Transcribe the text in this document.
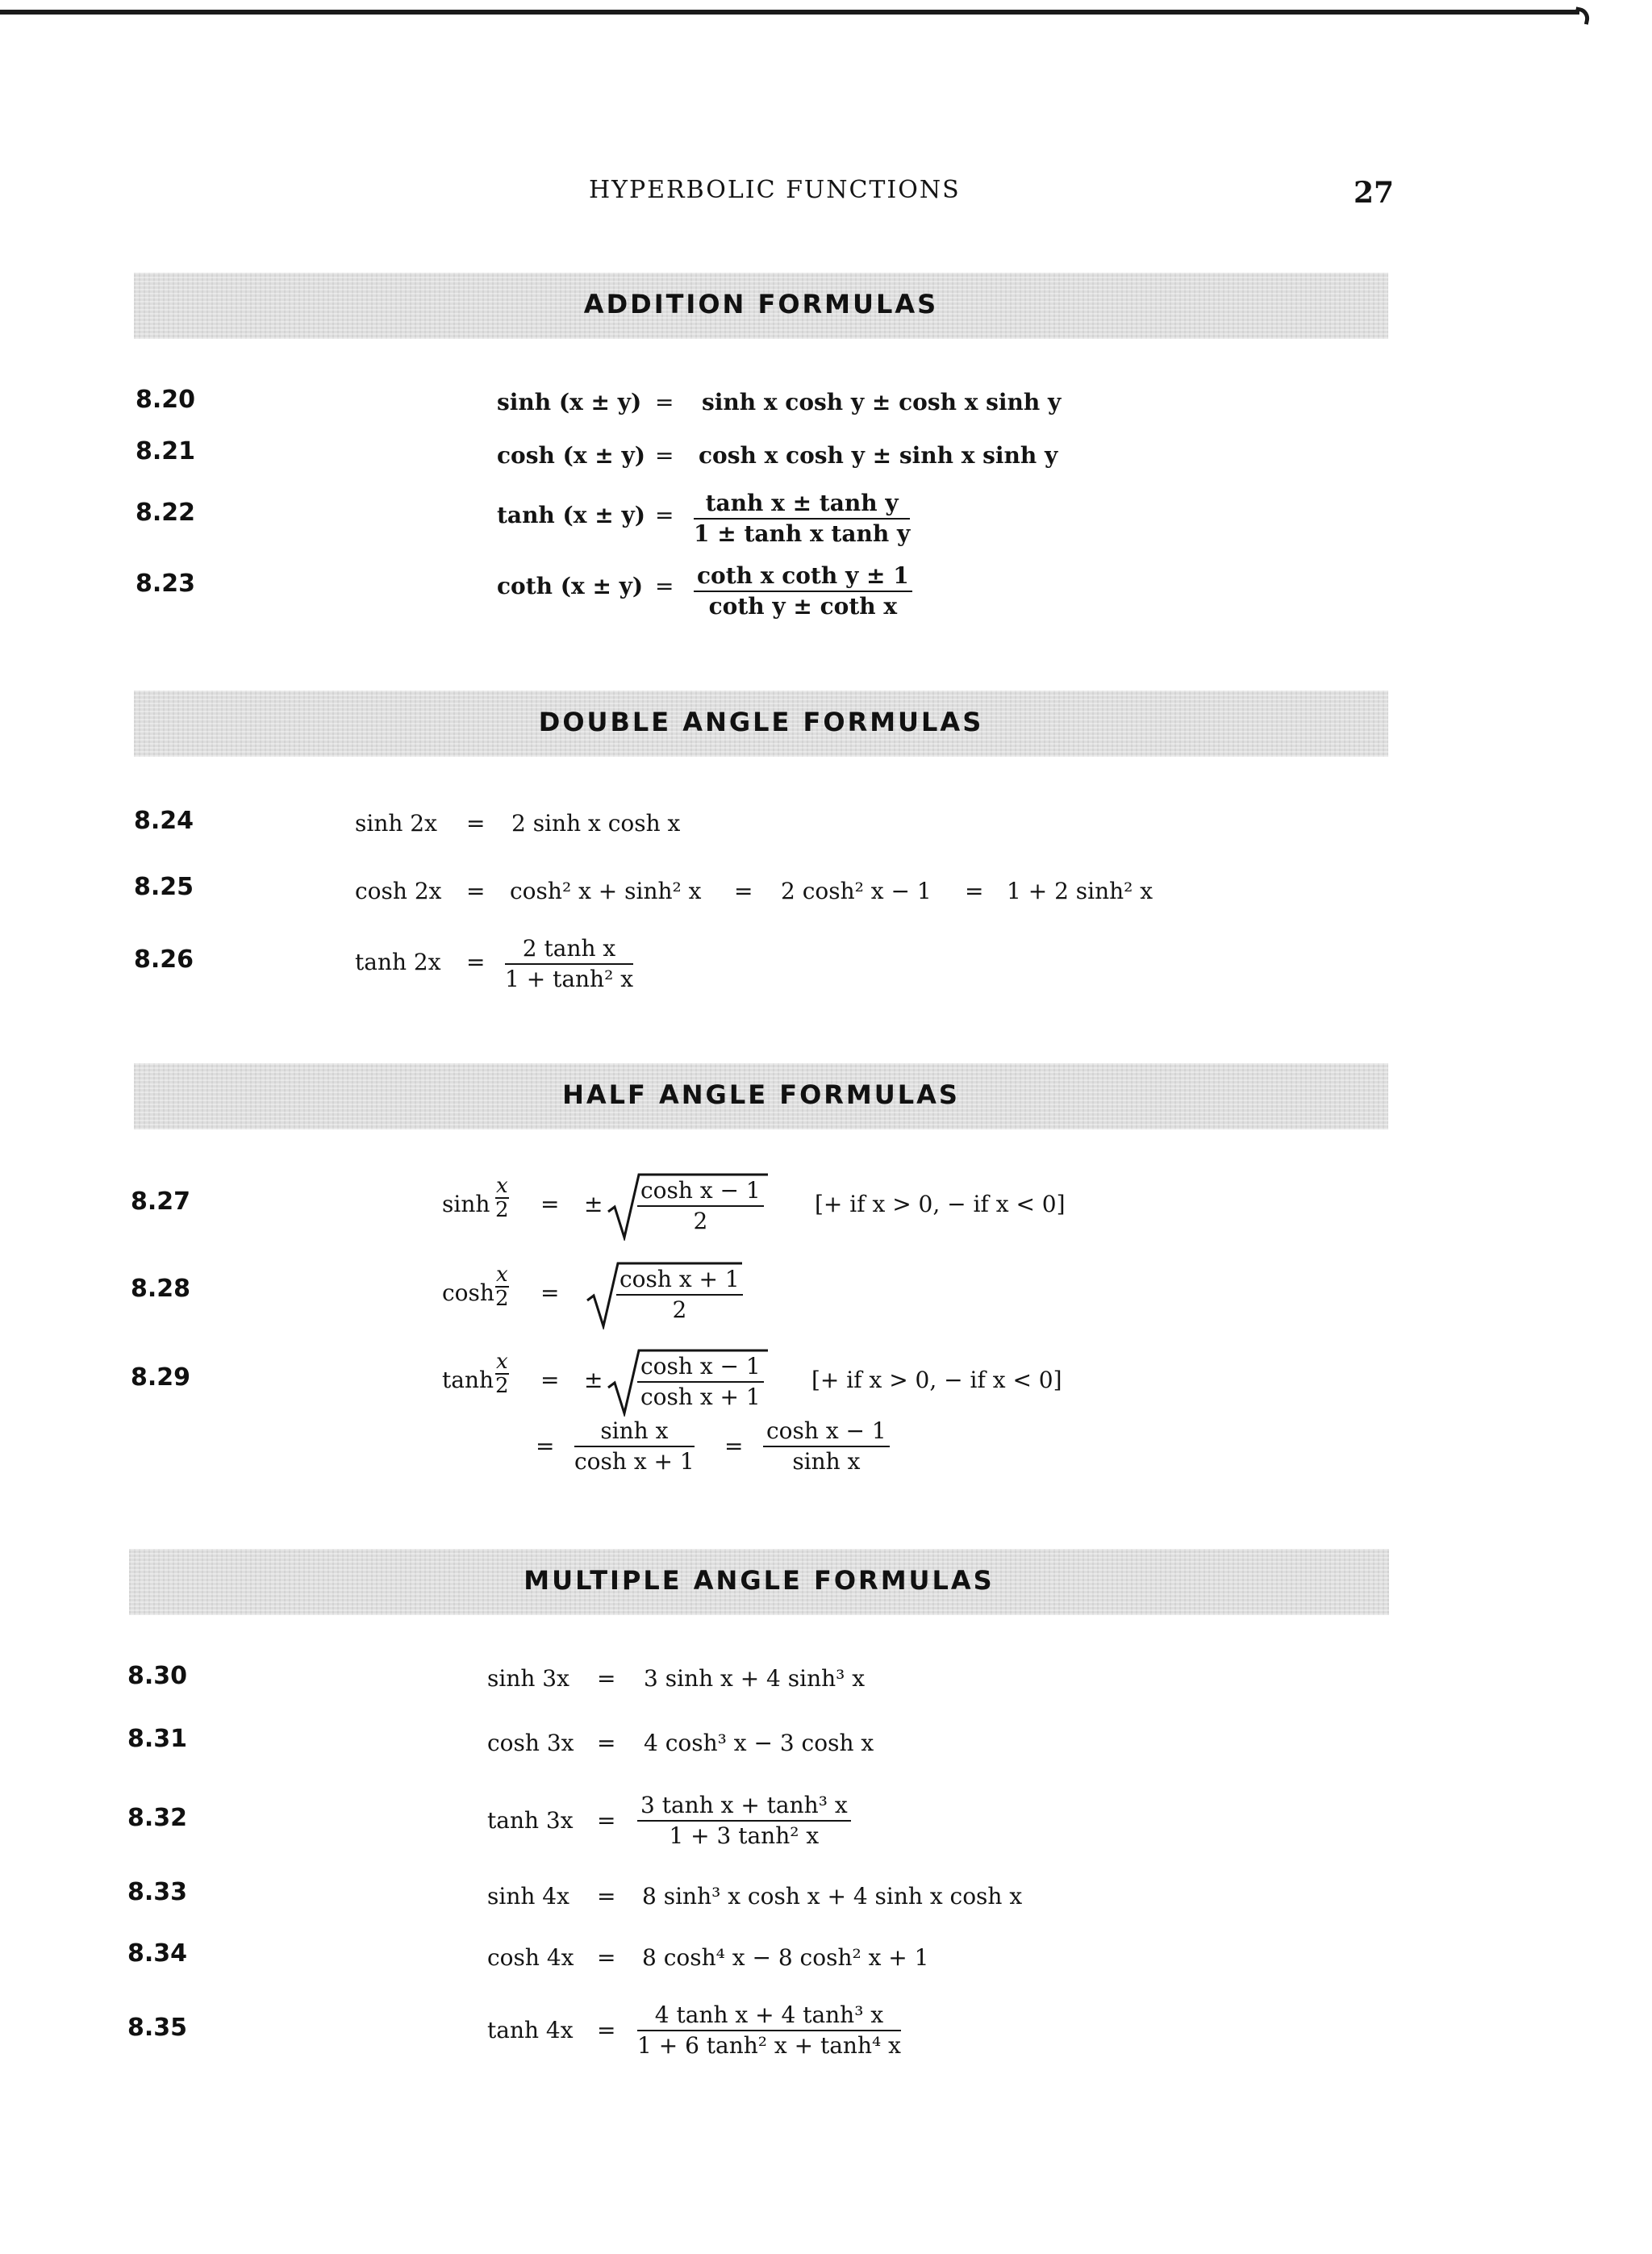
HYPERBOLIC FUNCTIONS	27
ADDITION FORMULAS
8.20	sinh (x ± y) = sinh x cosh y ± cosh x sinh y
8.21	cosh (x ± y) = cosh x cosh y ± sinh x sinh y
8.22	$\tanh (x \pm y) = \frac{\text{tanh x ± tanh y}}{\text{1 ± tanh x tanh y}}$
8.23	coth $(x \pm y) = \frac{\text{coth x coth y ± 1}}{\text{coth y ± coth x}}$
DOUBLE ANGLE FORMULAS
8.24	sinh 2x = 2 sinh x cosh x
8.25	cosh 2x = cosh² x + sinh² x = 2 cosh² x − 1 = 1 + 2 sinh² x
8.26	$\tanh 2x = \frac{\text{2 tanh x}}{\text{1 + tanh² x}}$
HALF ANGLE FORMULAS
8.27	$\sinh \frac{x}{2}$ = ± $\frac{\text{cosh x − 1}}{2}$ [+ if x > 0, − if x < 0]
8.28	$\cosh \frac{x}{2}$ =	$\frac{\text{cosh x + 1}}{2}$
8.29	$\tanh \frac{x}{2}$ = ± $\frac{\text{cosh x − 1}}{\text{cosh x + 1}}$ [+ if x > 0, − if x < 0]
= $\frac{\text{sinh x}}{\text{cosh x + 1}} = \frac{\text{cosh x − 1}}{\text{sinh x}}$
MULTIPLE ANGLE FORMULAS
8.30	sinh 3x = 3 sinh x + 4 sinh³ x
8.31	cosh 3x = 4 cosh³ x − 3 cosh x
8.32	$\tanh 3x = \frac{\text{3 tanh x + tanh³ x}}{\text{1 + 3 tanh² x}}$
8.33	sinh 4x = 8 sinh³ x cosh x + 4 sinh x cosh x
8.34	cosh 4x = 8 cosh⁴ x − 8 cosh² x + 1
8.35	$\tanh 4x = \frac{\text{4 tanh x + 4 tanh³ x}}{\text{1 + 6 tanh² x + tanh⁴ x}}$
